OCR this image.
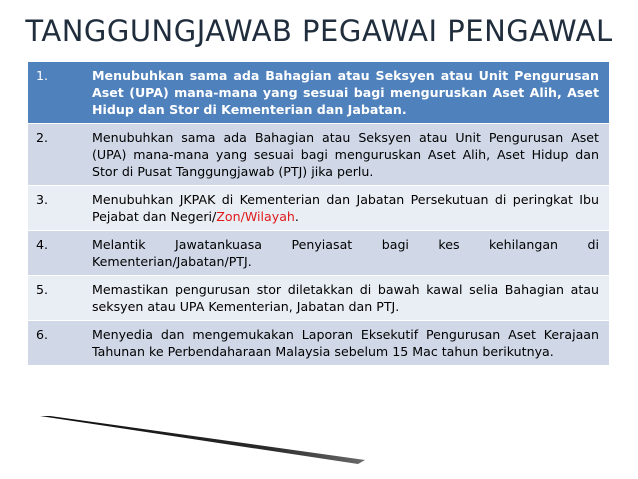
TANGGUNGJAWAB PEGAWAI PENGAWAL
1.	Menubuhkan sama ada Bahagian atau Seksyen atau Unit Pengurusan Aset (UPA) mana-mana yang sesuai bagi menguruskan Aset Alih, Aset Hidup dan Stor di Kementerian dan Jabatan.
2.	Menubuhkan sama ada Bahagian atau Seksyen atau Unit Pengurusan Aset (UPA) mana-mana yang sesuai bagi menguruskan Aset Alih, Aset Hidup dan Stor di Pusat Tanggungjawab (PTJ) jika perlu.
3.	Menubuhkan JKPAK di Kementerian dan Jabatan Persekutuan di peringkat Ibu Pejabat dan Negeri/Zon/Wilayah.
4.	Melantik Jawatankuasa Penyiasat bagi kes kehilangan di Kementerian/Jabatan/PTJ.
5.	Memastikan pengurusan stor diletakkan di bawah kawal selia Bahagian atau seksyen atau UPA Kementerian, Jabatan dan PTJ.
6.	Menyedia dan mengemukakan Laporan Eksekutif Pengurusan Aset Kerajaan Tahunan ke Perbendaharaan Malaysia sebelum 15 Mac tahun berikutnya.
